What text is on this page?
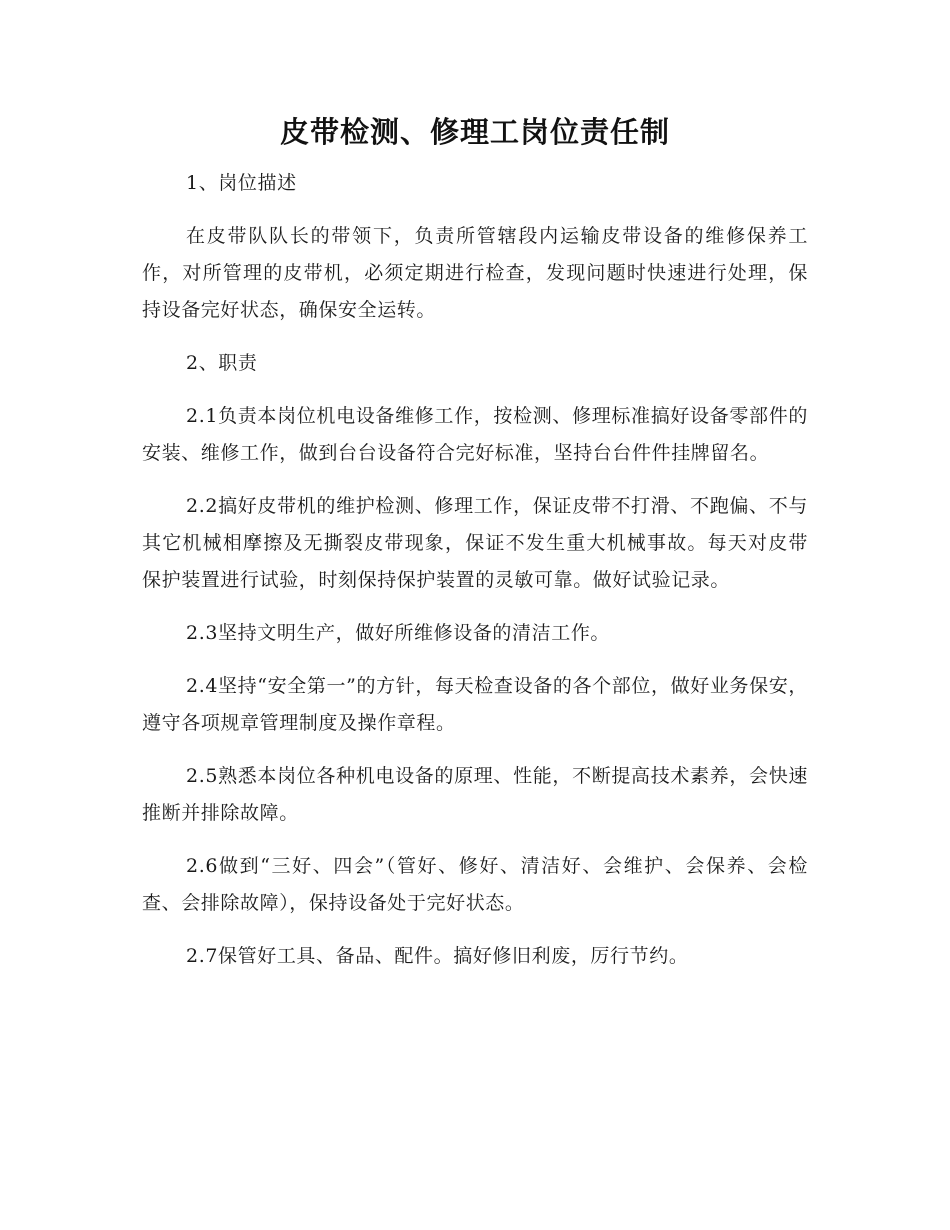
皮带检测、修理工岗位责任制

1、岗位描述

在皮带队队长的带领下，负责所管辖段内运输皮带设备的维修保养工作，对所管理的皮带机，必须定期进行检查，发现问题时快速进行处理，保持设备完好状态，确保安全运转。

2、职责

2.1负责本岗位机电设备维修工作，按检测、修理标准搞好设备零部件的安装、维修工作，做到台台设备符合完好标准，坚持台台件件挂牌留名。

2.2搞好皮带机的维护检测、修理工作，保证皮带不打滑、不跑偏、不与其它机械相摩擦及无撕裂皮带现象，保证不发生重大机械事故。每天对皮带保护装置进行试验，时刻保持保护装置的灵敏可靠。做好试验记录。

2.3坚持文明生产，做好所维修设备的清洁工作。

2.4坚持“安全第一”的方针，每天检查设备的各个部位，做好业务保安，遵守各项规章管理制度及操作章程。

2.5熟悉本岗位各种机电设备的原理、性能，不断提高技术素养，会快速推断并排除故障。

2.6做到“三好、四会”（管好、修好、清洁好、会维护、会保养、会检查、会排除故障），保持设备处于完好状态。

2.7保管好工具、备品、配件。搞好修旧利废，厉行节约。
